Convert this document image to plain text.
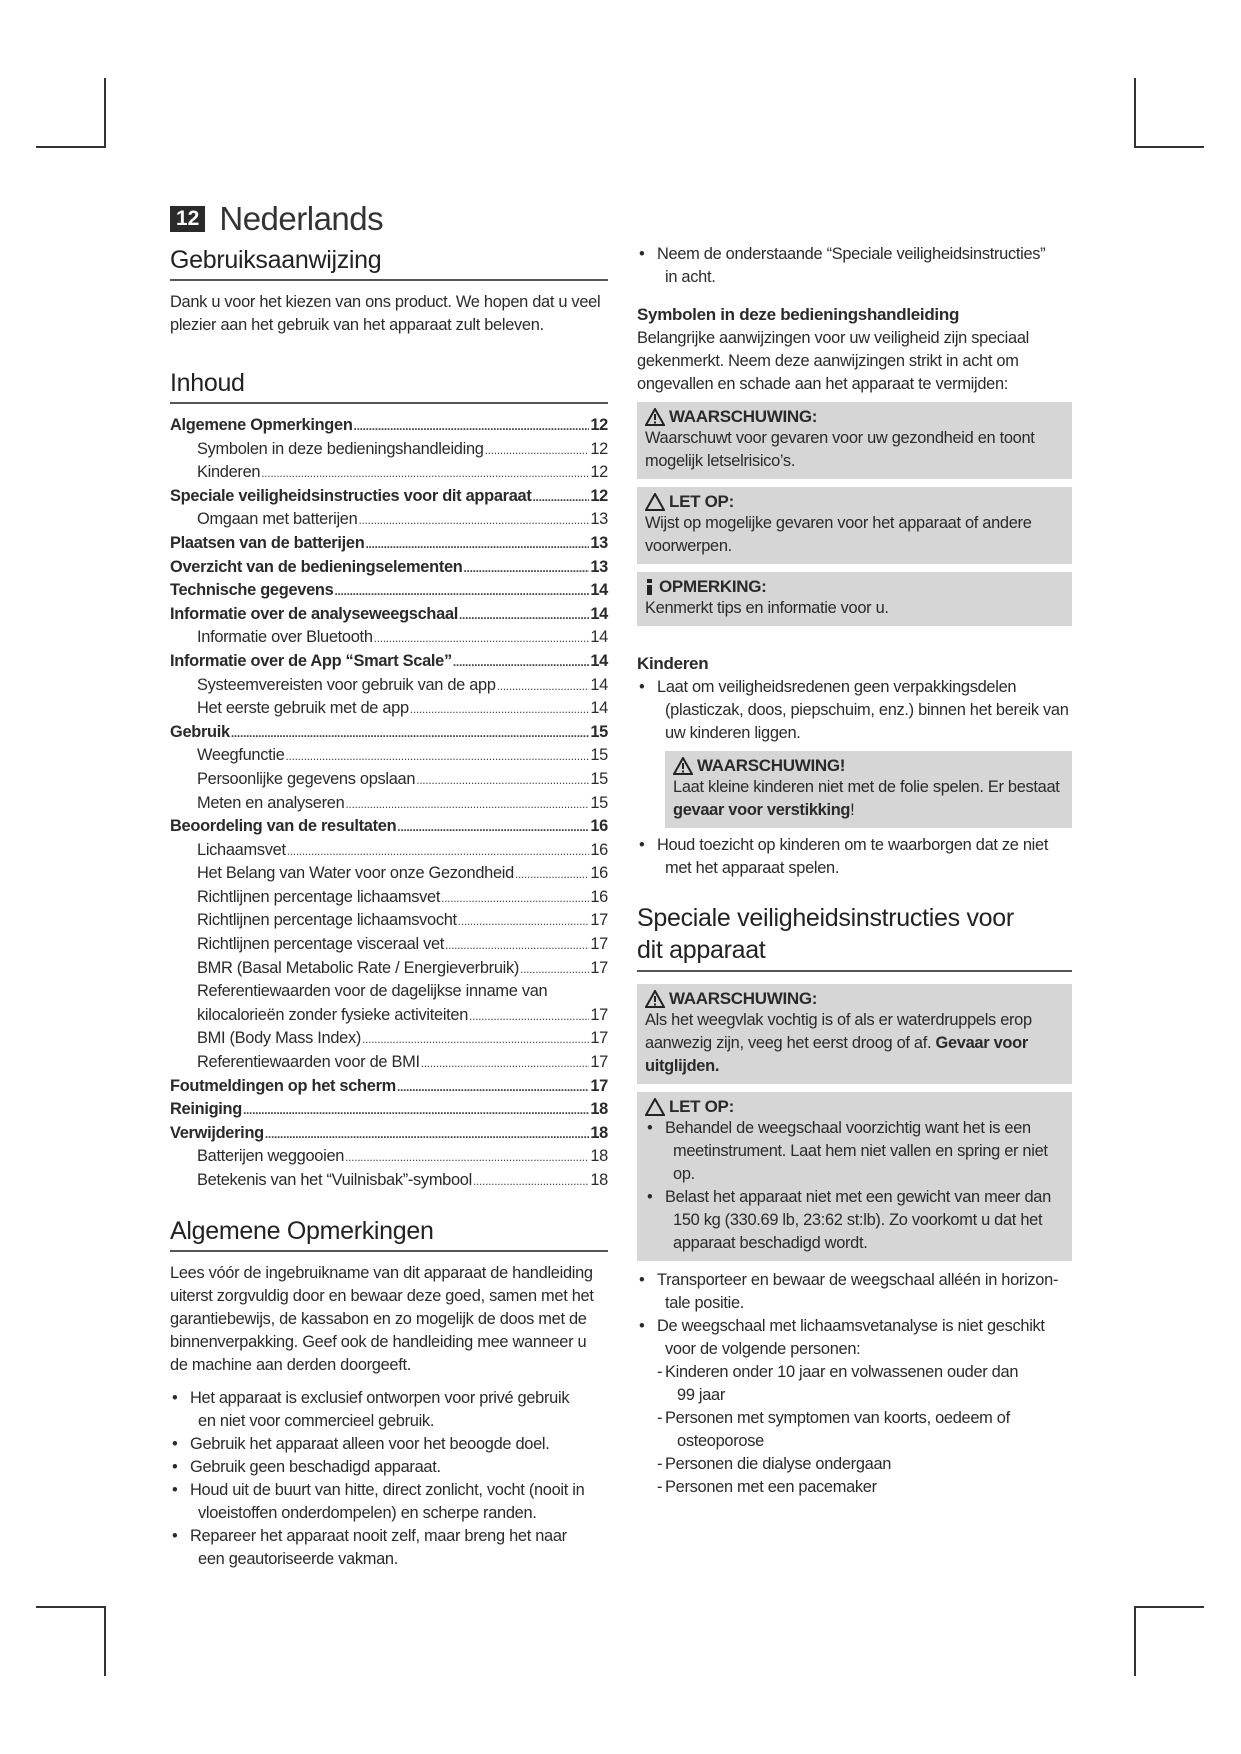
12 Nederlands
Gebruiksaanwijzing

Dank u voor het kiezen van ons product. We hopen dat u veel plezier aan het gebruik van het apparaat zult beleven.

Inhoud
Algemene Opmerkingen .....	12
Symbolen in deze bedieningshandleiding .....	12
Kinderen .....	12
Speciale veiligheidsinstructies voor dit apparaat .....	12
Omgaan met batterijen .....	13
Plaatsen van de batterijen .....	13
Overzicht van de bedieningselementen .....	13
Technische gegevens .....	14
Informatie over de analyseweegschaal .....	14
Informatie over Bluetooth .....	14
Informatie over de App “Smart Scale” .....	14
Systeemvereisten voor gebruik van de app .....	14
Het eerste gebruik met de app .....	14
Gebruik .....	15
Weegfunctie .....	15
Persoonlijke gegevens opslaan .....	15
Meten en analyseren .....	15
Beoordeling van de resultaten .....	16
Lichaamsvet .....	16
Het Belang van Water voor onze Gezondheid .....	16
Richtlijnen percentage lichaamsvet .....	16
Richtlijnen percentage lichaamsvocht .....	17
Richtlijnen percentage visceraal vet .....	17
BMR (Basal Metabolic Rate / Energieverbruik) .....	17
Referentiewaarden voor de dagelijkse inname van
kilocalorieën zonder fysieke activiteiten .....	17
BMI (Body Mass Index) .....	17
Referentiewaarden voor de BMI .....	17
Foutmeldingen op het scherm .....	17
Reiniging .....	18
Verwijdering .....	18
Batterijen weggooien .....	18
Betekenis van het “Vuilnisbak”-symbool .....	18
Algemene Opmerkingen

Lees vóór de ingebruikname van dit apparaat de handleiding uiterst zorgvuldig door en bewaar deze goed, samen met het garantiebewijs, de kassabon en zo mogelijk de doos met de binnenverpakking. Geef ook de handleiding mee wanneer u de machine aan derden doorgeeft.

• Het apparaat is exclusief ontworpen voor privé gebruik
en niet voor commercieel gebruik.
• Gebruik het apparaat alleen voor het beoogde doel.
• Gebruik geen beschadigd apparaat.
• Houd uit de buurt van hitte, direct zonlicht, vocht (nooit in
vloeistoffen onderdompelen) en scherpe randen.
• Repareer het apparaat nooit zelf, maar breng het naar
een geautoriseerde vakman.
• Neem de onderstaande “Speciale veiligheidsinstructies”
in acht.
Symbolen in deze bedieningshandleiding

Belangrijke aanwijzingen voor uw veiligheid zijn speciaal gekenmerkt. Neem deze aanwijzingen strikt in acht om ongevallen en schade aan het apparaat te vermijden:

WAARSCHUWING:

Waarschuwt voor gevaren voor uw gezondheid en toont mogelijk letselrisico’s.

LET OP:

Wijst op mogelijke gevaren voor het apparaat of andere voorwerpen.

OPMERKING:

Kenmerkt tips en informatie voor u.

Kinderen
• Laat om veiligheidsredenen geen verpakkingsdelen
(plasticzak, doos, piepschuim, enz.) binnen het bereik van
uw kinderen liggen.
WAARSCHUWING!

Laat kleine kinderen niet met de folie spelen. Er bestaat gevaar voor verstikking!

• Houd toezicht op kinderen om te waarborgen dat ze niet
met het apparaat spelen.
Speciale veiligheidsinstructies voor
dit apparaat
WAARSCHUWING:

Als het weegvlak vochtig is of als er waterdruppels erop aanwezig zijn, veeg het eerst droog of af. Gevaar voor uitglijden.

LET OP:
• Behandel de weegschaal voorzichtig want het is een
meetinstrument. Laat hem niet vallen en spring er niet
op.
• Belast het apparaat niet met een gewicht van meer dan
150 kg (330.69 lb, 23:62 st:lb). Zo voorkomt u dat het
apparaat beschadigd wordt.
• Transporteer en bewaar de weegschaal alléén in horizon-
tale positie.
• De weegschaal met lichaamsvetanalyse is niet geschikt
voor de volgende personen:
- Kinderen onder 10 jaar en volwassenen ouder dan
99 jaar
- Personen met symptomen van koorts, oedeem of
osteoporose
- Personen die dialyse ondergaan
- Personen met een pacemaker
